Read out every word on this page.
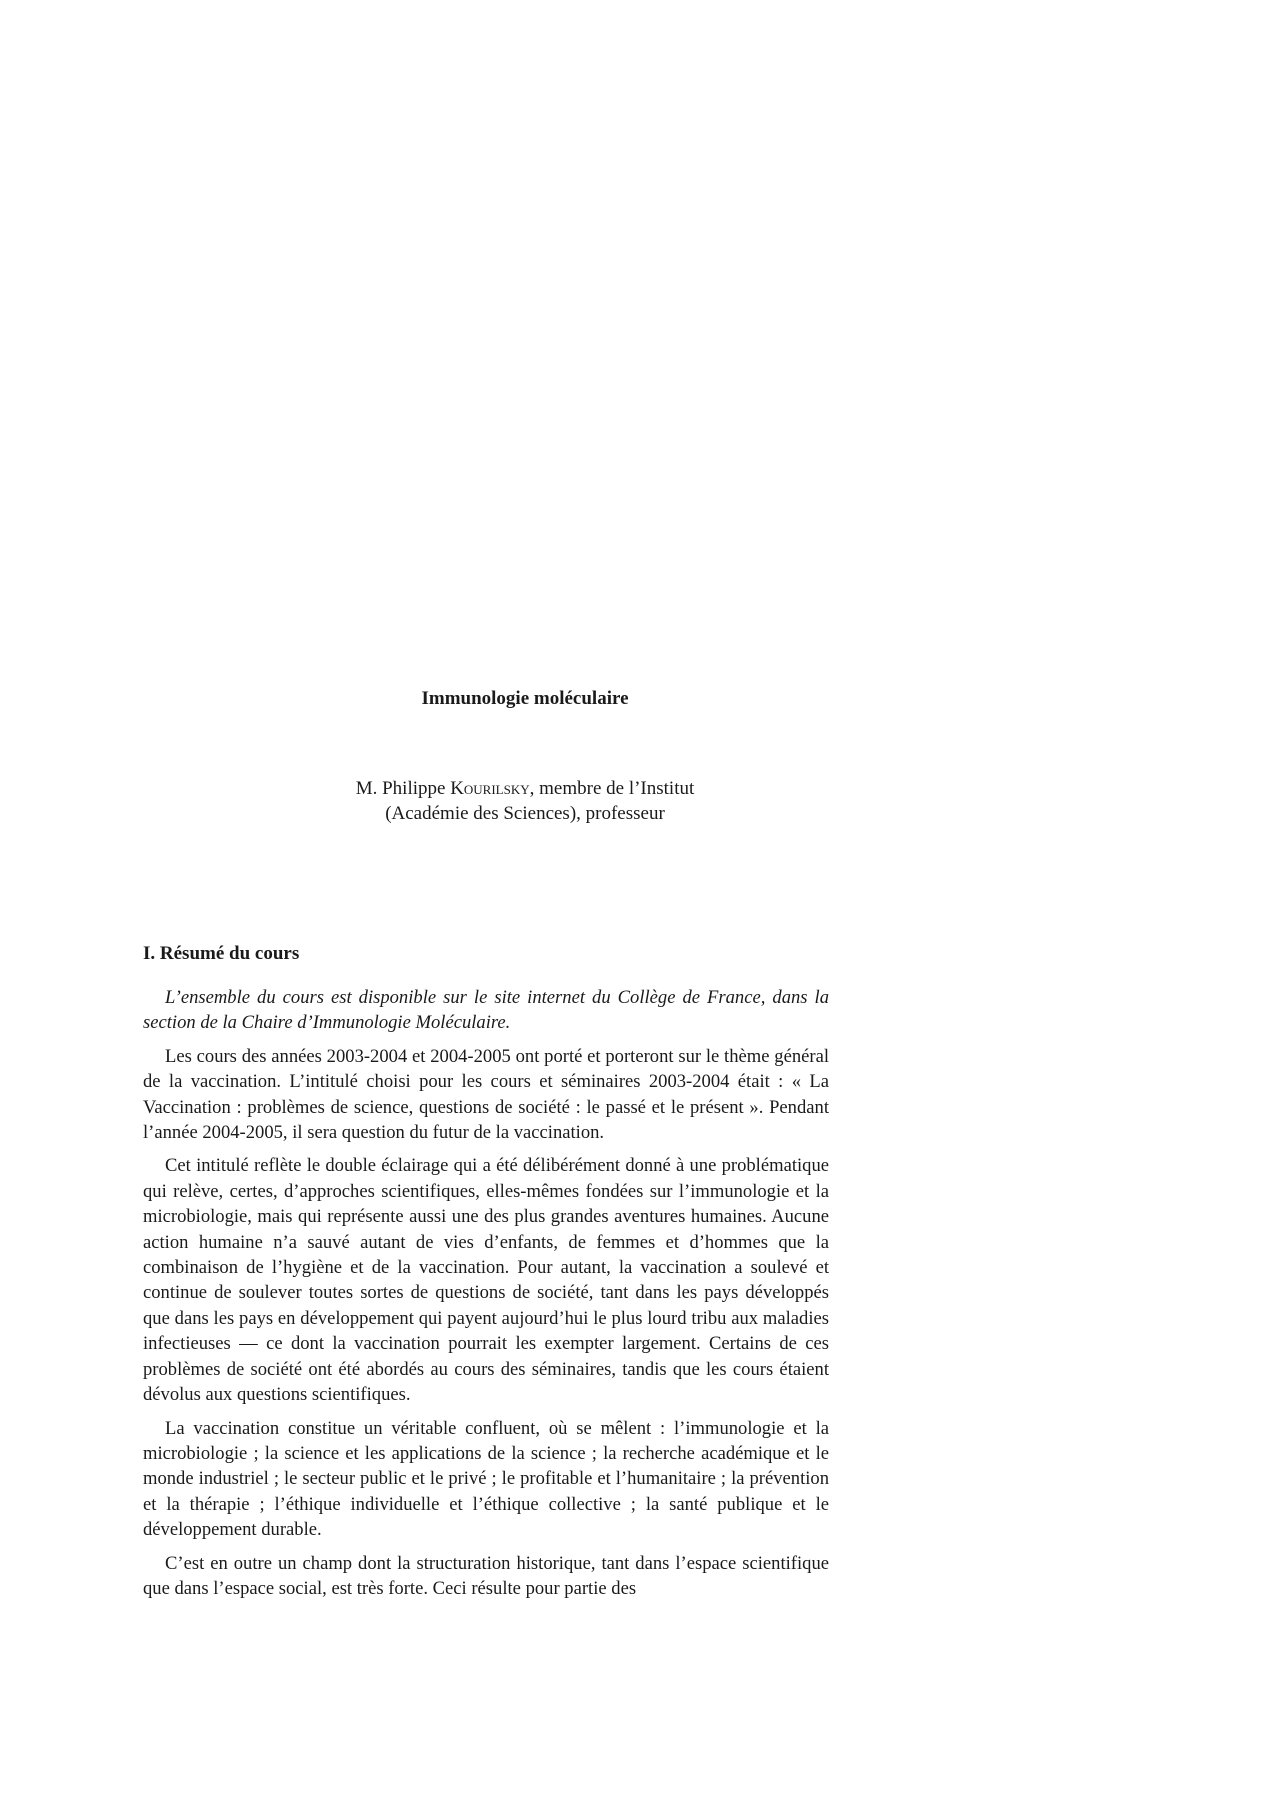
Immunologie moléculaire
M. Philippe Kourilsky, membre de l’Institut
(Académie des Sciences), professeur
I. Résumé du cours

L’ensemble du cours est disponible sur le site internet du Collège de France, dans la section de la Chaire d’Immunologie Moléculaire.

Les cours des années 2003-2004 et 2004-2005 ont porté et porteront sur le thème général de la vaccination. L’intitulé choisi pour les cours et séminaires 2003-2004 était : « La Vaccination : problèmes de science, questions de société : le passé et le présent ». Pendant l’année 2004-2005, il sera question du futur de la vaccination.

Cet intitulé reflète le double éclairage qui a été délibérément donné à une problématique qui relève, certes, d’approches scientifiques, elles-mêmes fondées sur l’immunologie et la microbiologie, mais qui représente aussi une des plus grandes aventures humaines. Aucune action humaine n’a sauvé autant de vies d’enfants, de femmes et d’hommes que la combinaison de l’hygiène et de la vaccination. Pour autant, la vaccination a soulevé et continue de soulever toutes sortes de questions de société, tant dans les pays développés que dans les pays en développement qui payent aujourd’hui le plus lourd tribu aux maladies infectieuses — ce dont la vaccination pourrait les exempter largement. Certains de ces problèmes de société ont été abordés au cours des séminaires, tandis que les cours étaient dévolus aux questions scientifiques.

La vaccination constitue un véritable confluent, où se mêlent : l’immunologie et la microbiologie ; la science et les applications de la science ; la recherche académique et le monde industriel ; le secteur public et le privé ; le profitable et l’humanitaire ; la prévention et la thérapie ; l’éthique individuelle et l’éthique collective ; la santé publique et le développement durable.

C’est en outre un champ dont la structuration historique, tant dans l’espace scientifique que dans l’espace social, est très forte. Ceci résulte pour partie des
